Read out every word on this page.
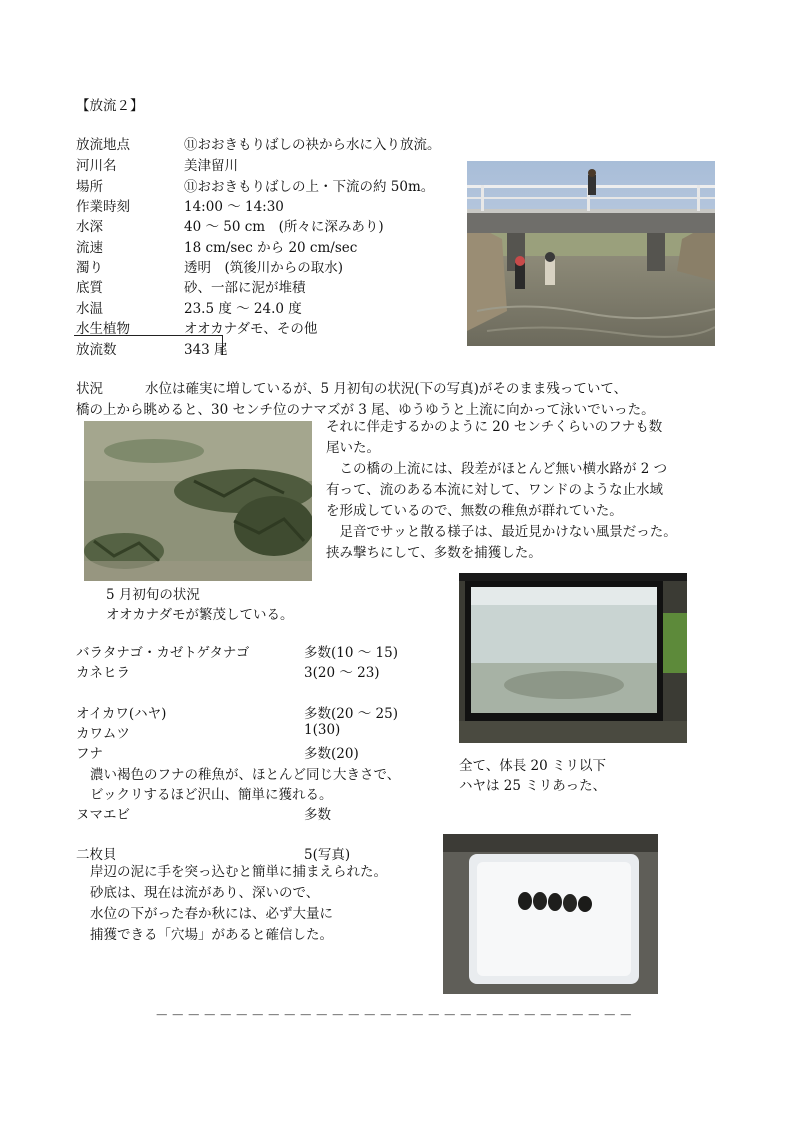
【放流２】
放流地点	⑪おおきもりばしの袂から水に入り放流。
河川名	美津留川
場所	⑪おおきもりばしの上・下流の約 50m。
作業時刻	14:00 ～ 14:30
水深	40 ～ 50 cm　(所々に深みあり)
流速	18 cm/sec から 20 cm/sec
濁り	透明　(筑後川からの取水)
底質	砂、一部に泥が堆積
水温	23.5 度 ～ 24.0 度
水生植物	オオカナダモ、その他
放流数	343 尾
状況	水位は確実に増しているが、5 月初旬の状況(下の写真)がそのまま残っていて、
橋の上から眺めると、30 センチ位のナマズが 3 尾、ゆうゆうと上流に向かって泳いでいった。
それに伴走するかのように 20 センチくらいのフナも数
尾いた。
　この橋の上流には、段差がほとんど無い横水路が 2 つ
有って、流のある本流に対して、ワンドのような止水域
を形成しているので、無数の稚魚が群れていた。
　足音でサッと散る様子は、最近見かけない風景だった。
挟み撃ちにして、多数を捕獲した。
5 月初旬の状況
オオカナダモが繁茂している。
バラタナゴ・カゼトゲタナゴ	多数(10 ～ 15)
カネヒラ	3(20 ～ 23)
オイカワ(ハヤ)	多数(20 ～ 25)
カワムツ	1(30)
フナ	多数(20)
濃い褐色のフナの稚魚が、ほとんど同じ大きさで、
ビックリするほど沢山、簡単に獲れる。
ヌマエビ	多数
全て、体長 20 ミリ以下
ハヤは 25 ミリあった、
二枚貝	5(写真)
岸辺の泥に手を突っ込むと簡単に捕まえられた。
砂底は、現在は流があり、深いので、
水位の下がった春か秋には、必ず大量に
捕獲できる「穴場」があると確信した。
－－－－－－－－－－－－－－－－－－－－－－－－－－－－－－
